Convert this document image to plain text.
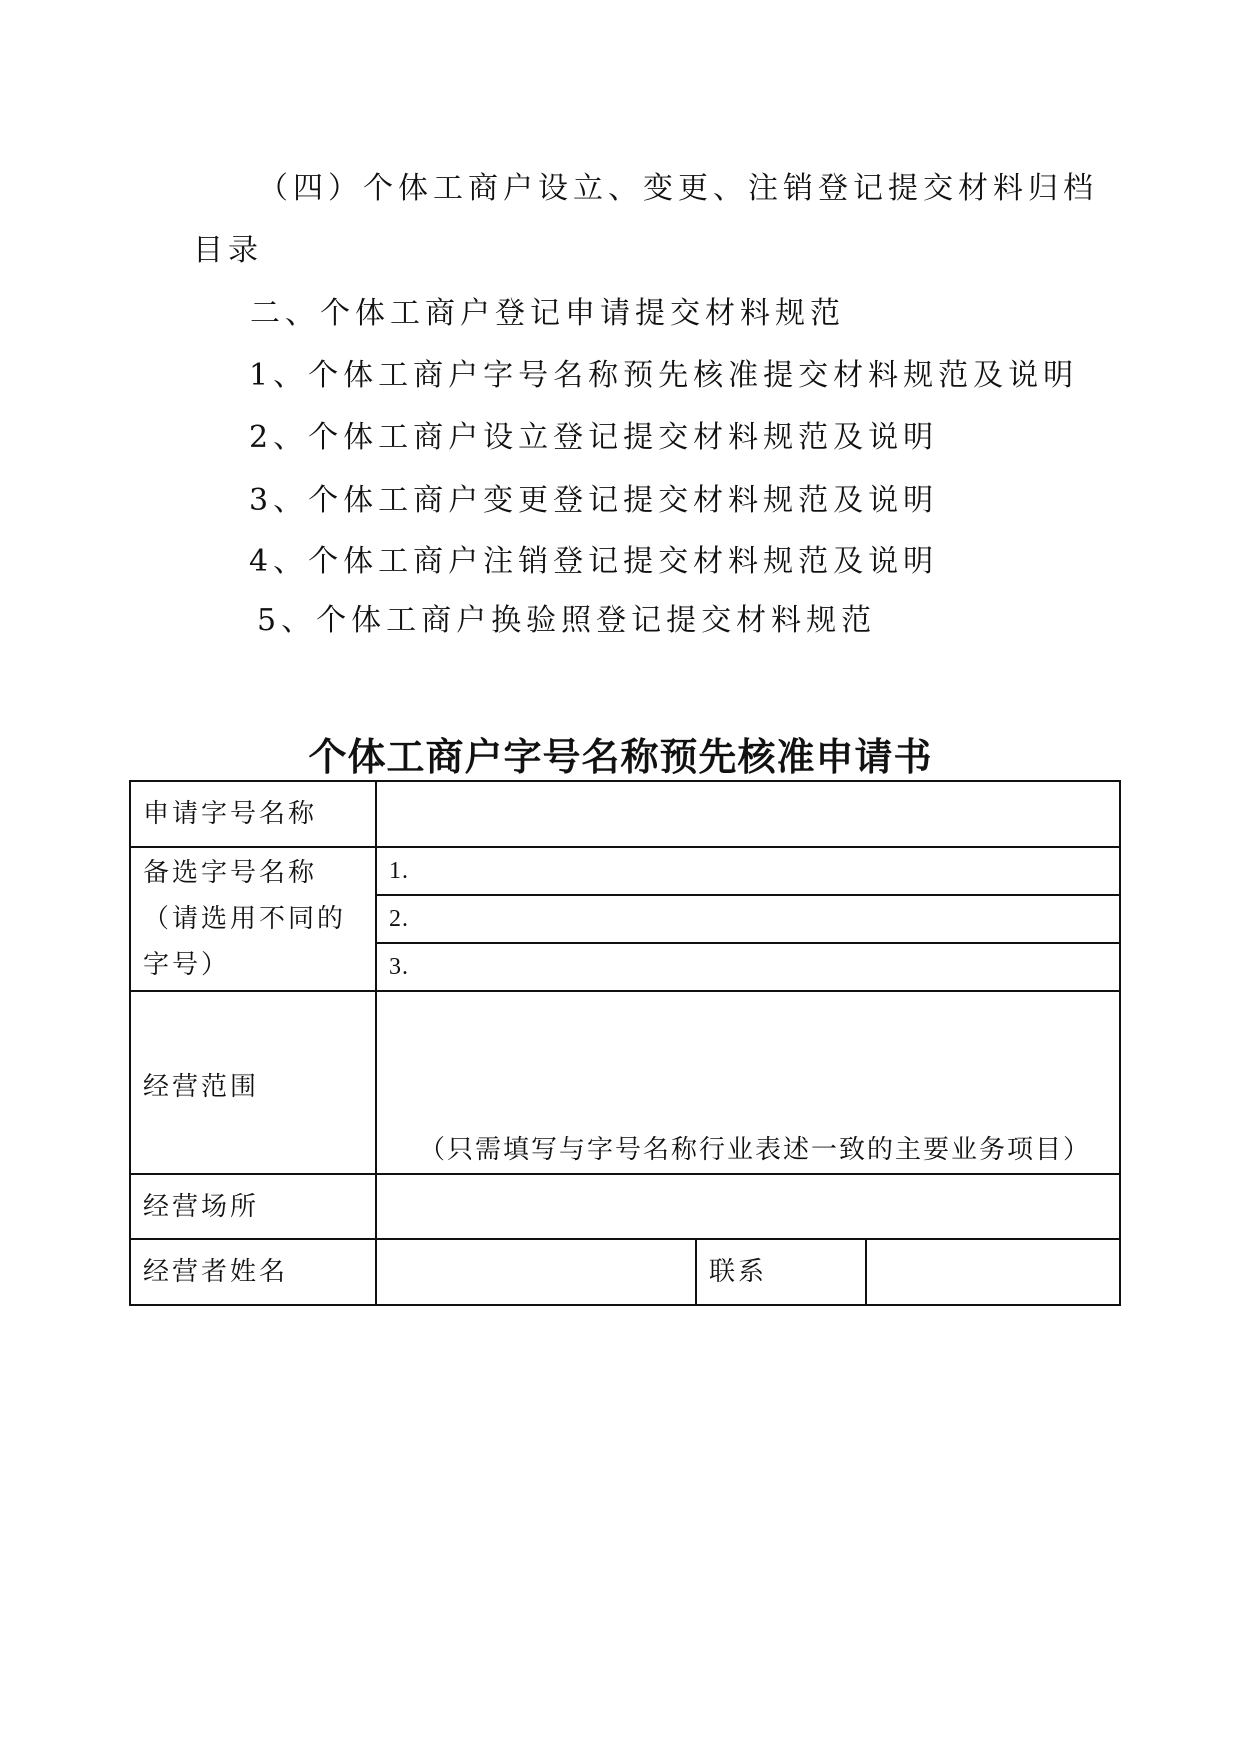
（四）个体工商户设立、变更、注销登记提交材料归档
目录
二、个体工商户登记申请提交材料规范
1、个体工商户字号名称预先核准提交材料规范及说明
2、个体工商户设立登记提交材料规范及说明
3、个体工商户变更登记提交材料规范及说明
4、个体工商户注销登记提交材料规范及说明
5、个体工商户换验照登记提交材料规范
个体工商户字号名称预先核准申请书
申请字号名称			
备选字号名称
（请选用不同的
字号）	1.		

	2.		

	3.		

经营范围	（只需填写与字号名称行业表述一致的主要业务项目）		

经营场所			
经营者姓名		联系	
